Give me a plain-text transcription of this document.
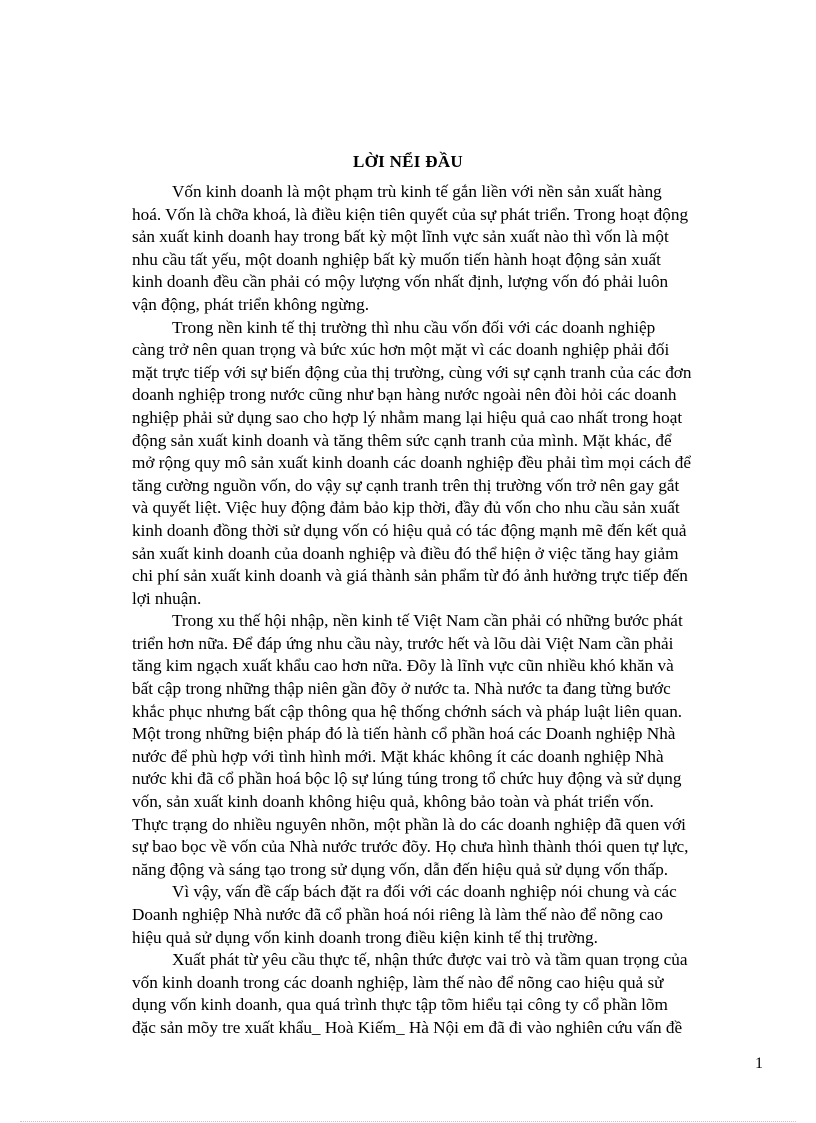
LỜI NỂI ĐẦU
Vốn kinh doanh là một phạm trù kinh tế gắn liền với nền sản xuất hàng
hoá. Vốn là chỡa khoá, là điều kiện tiên quyết của sự phát triển. Trong hoạt động
sản xuất kinh doanh hay trong bất kỳ một lĩnh vực sản xuất nào thì vốn là một
nhu cầu tất yếu, một doanh nghiệp bất kỳ muốn tiến hành hoạt động sản xuất
kinh doanh đều cần phải có mộy lượng vốn nhất định, lượng vốn đó phải luôn
vận động, phát triển không ngừng.
Trong nền kinh tế thị trường thì nhu cầu vốn đối với các doanh nghiệp
càng trở nên quan trọng và bức xúc hơn một mặt vì các doanh nghiệp phải đối
mặt trực tiếp với sự biến động của thị trường, cùng với sự cạnh tranh của các đơn
doanh nghiệp trong nước cũng như bạn hàng nước ngoài nên đòi hỏi các doanh
nghiệp phải sử dụng sao cho hợp lý nhằm mang lại hiệu quả cao nhất trong hoạt
động sản xuất kinh doanh và tăng thêm sức cạnh tranh của mình. Mặt khác, để
mở rộng quy mô sản xuất kinh doanh các doanh nghiệp đều phải tìm mọi cách để
tăng cường nguồn vốn, do vậy sự cạnh tranh trên thị trường vốn trở nên gay gắt
và quyết liệt. Việc huy động đảm bảo kịp thời, đầy đủ vốn cho nhu cầu sản xuất
kinh doanh đồng thời sử dụng vốn có hiệu quả có tác động mạnh mẽ đến kết quả
sản xuất kinh doanh của doanh nghiệp và điều đó thể hiện ở việc tăng hay giảm
chi phí sản xuất kinh doanh và giá thành sản phẩm từ đó ảnh hưởng trực tiếp đến
lợi nhuận.
Trong xu thế hội nhập, nền kinh tế Việt Nam cần phải có những bước phát
triển hơn nữa. Để đáp ứng nhu cầu này, trước hết và lõu dài Việt Nam cần phải
tăng kim ngạch xuất khẩu cao hơn nữa. Đõy là lĩnh vực cũn nhiều khó khăn và
bất cập trong những thập niên gần đõy ở nước ta. Nhà nước ta đang từng bước
khắc phục nhưng bất cập thông qua hệ thống chớnh sách và pháp luật liên quan.
Một trong những biện pháp đó là tiến hành cổ phần hoá các Doanh nghiệp Nhà
nước để phù hợp với tình hình mới. Mặt khác không ít các doanh nghiệp Nhà
nước khi đã cổ phần hoá bộc lộ sự lúng túng trong tổ chức huy động và sử dụng
vốn, sản xuất kinh doanh không hiệu quả, không bảo toàn và phát triển vốn.
Thực trạng do nhiều nguyên nhõn, một phần là do các doanh nghiệp đã quen với
sự bao bọc về vốn của Nhà nước trước đõy. Họ chưa hình thành thói quen tự lực,
năng động và sáng tạo trong sử dụng vốn, dẫn đến hiệu quả sử dụng vốn thấp.
Vì vậy, vấn đề cấp bách đặt ra đối với các doanh nghiệp nói chung và các
Doanh nghiệp Nhà nước đã cổ phần hoá nói riêng là làm thế nào để nõng cao
hiệu quả sử dụng vốn kinh doanh trong điều kiện kinh tế thị trường.
Xuất phát từ yêu cầu thực tế, nhận thức được vai trò và tầm quan trọng của
vốn kinh doanh trong các doanh nghiệp, làm thế nào để nõng cao hiệu quả sử
dụng vốn kinh doanh, qua quá trình thực tập tõm hiểu tại công ty cổ phần lõm
đặc sản mõy tre xuất khẩu_ Hoà Kiếm_ Hà Nội em đã đi vào nghiên cứu vấn đề
1
